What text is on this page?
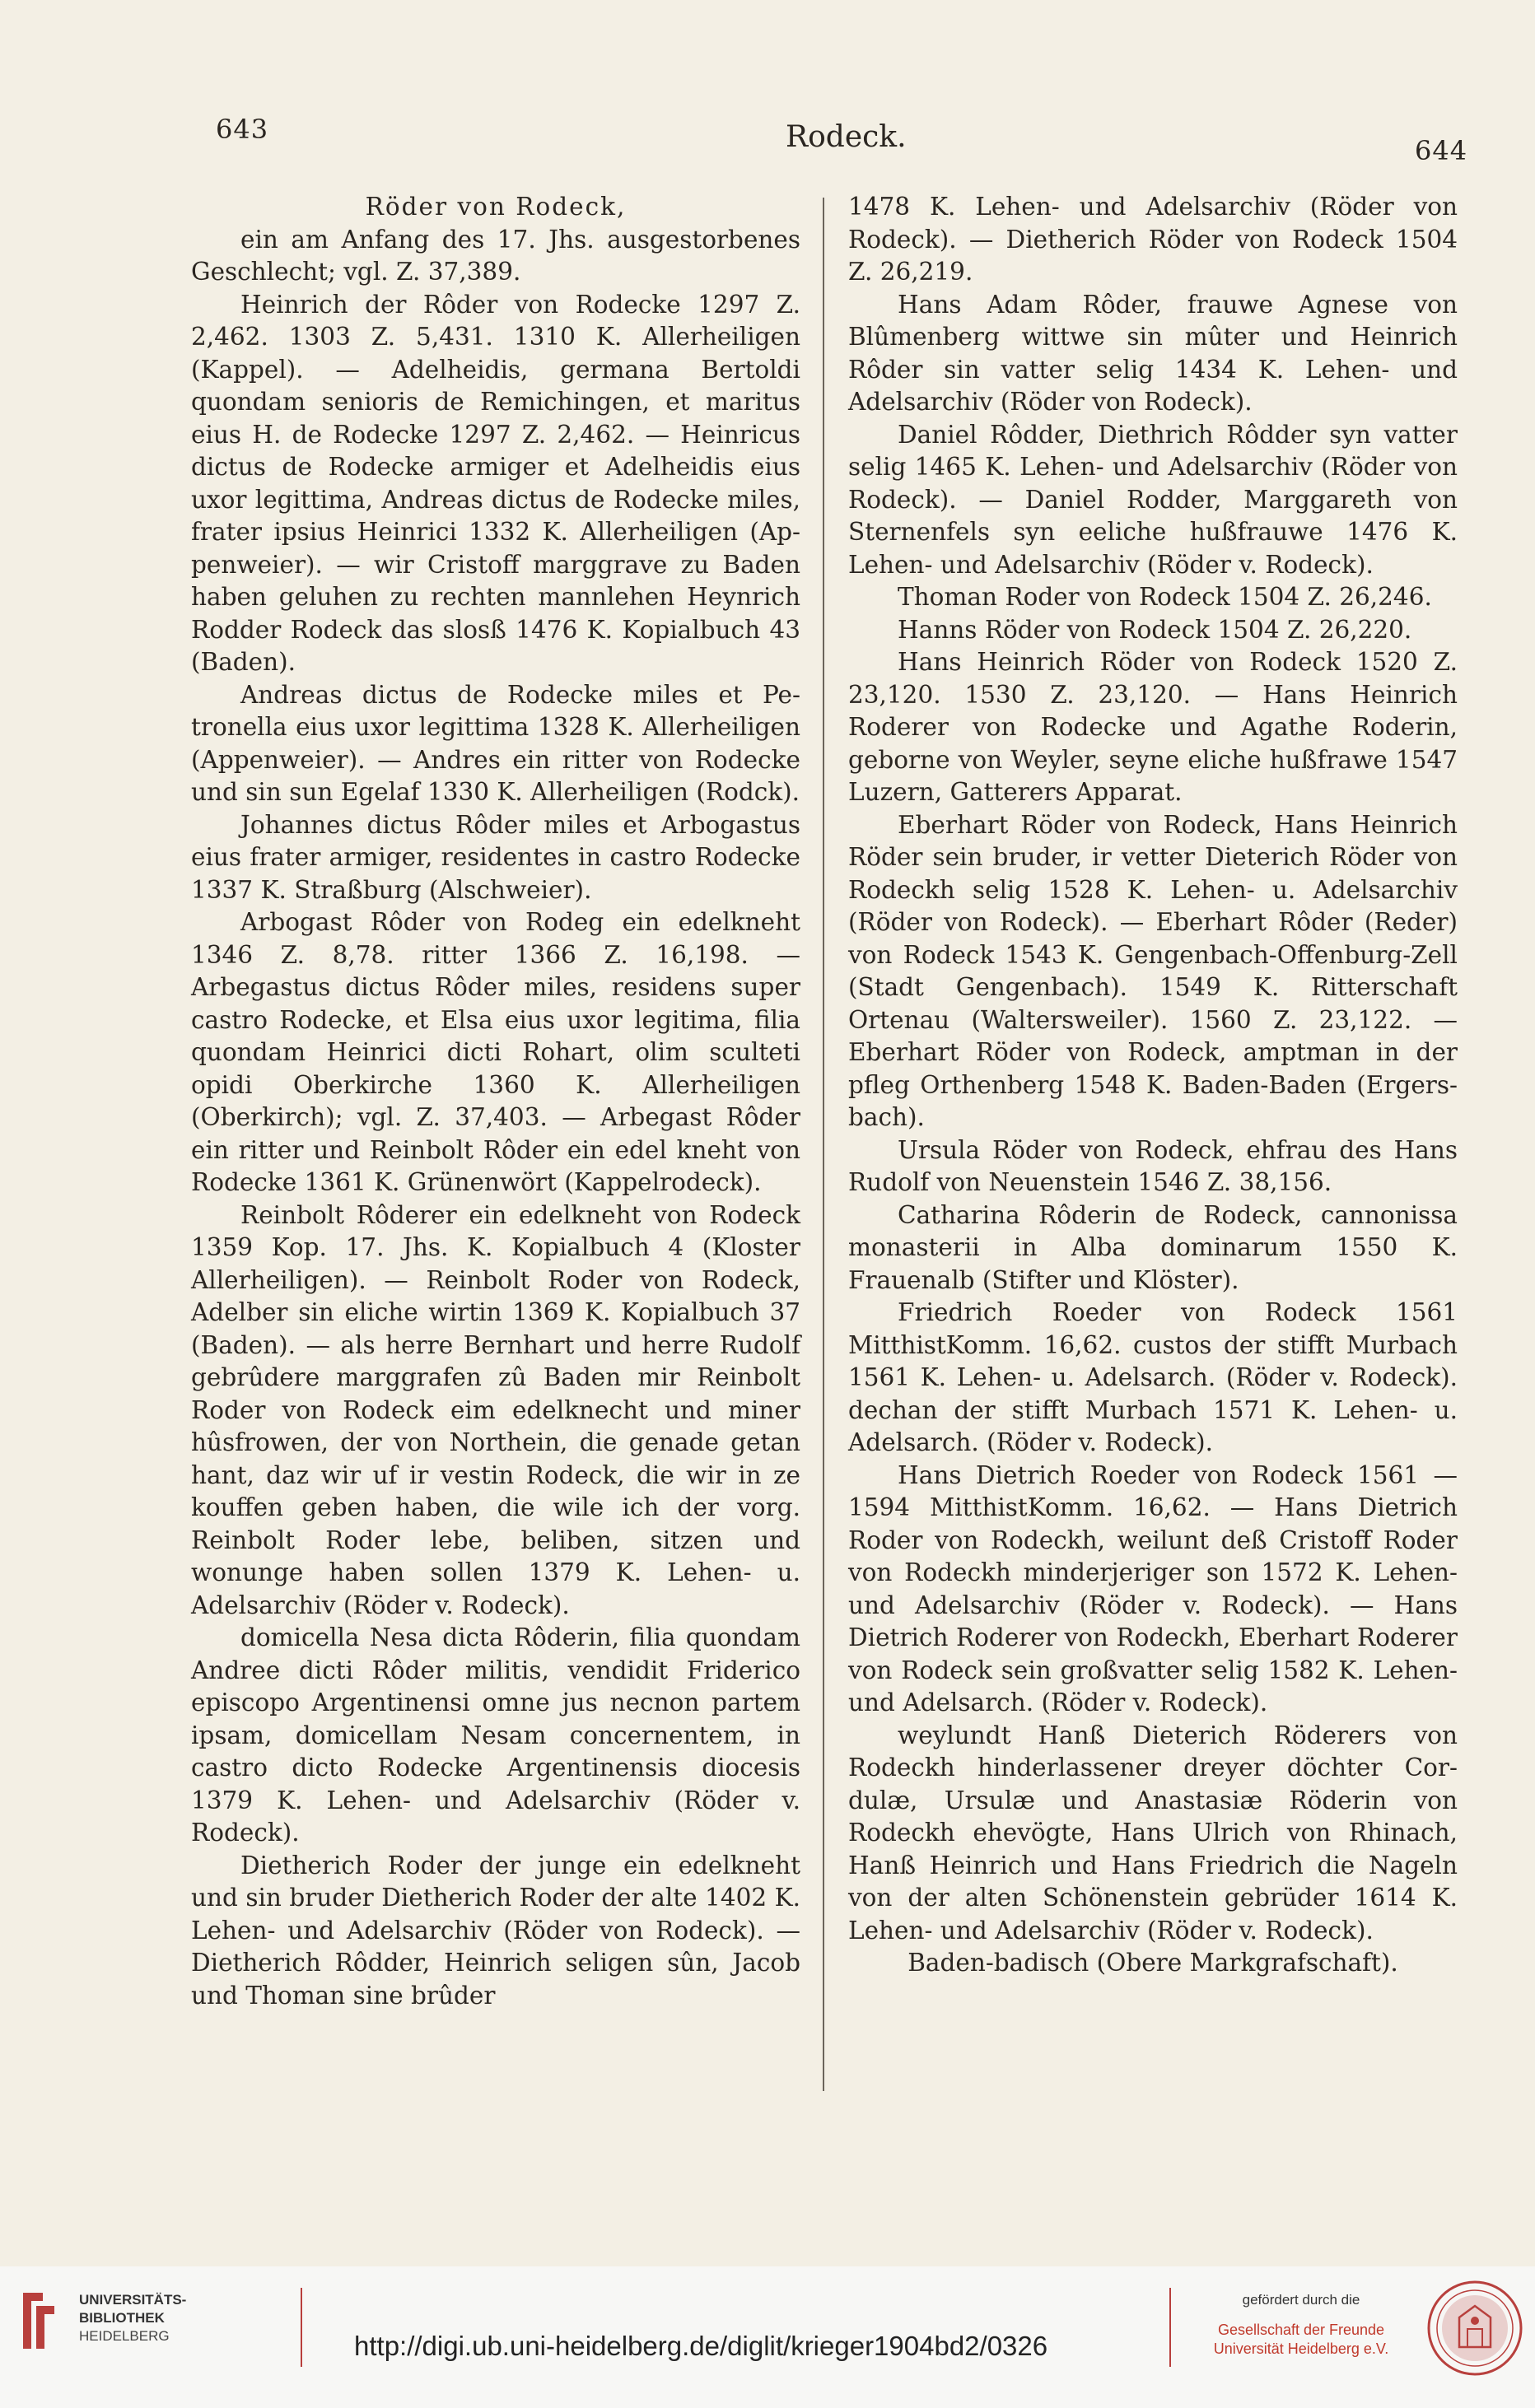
643	Rodeck.	644
Röder von Rodeck,

ein am Anfang des 17. Jhs. ausgestorbenes Geschlecht; vgl. Z. 37,389.

Heinrich der Rôder von Rodecke 1297 Z. 2,462. 1303 Z. 5,431. 1310 K. Allerheiligen (Kappel). — Adelheidis, germana Bertoldi quondam senioris de Remichingen, et maritus eius H. de Rodecke 1297 Z. 2,462. — Heinricus dictus de Rodecke armiger et Adelheidis eius uxor legittima, Andreas dictus de Rodecke miles, frater ipsius Heinrici 1332 K. Allerheiligen (Appenweier). — wir Cristoff marggrave zu Baden haben geluhen zu rechten mannlehen Heynrich Rodder Rodeck das slosß 1476 K. Kopialbuch 43 (Baden).

Andreas dictus de Rodecke miles et Petronella eius uxor legittima 1328 K. Allerheiligen (Appenweier). — Andres ein ritter von Rodecke und sin sun Egelaf 1330 K. Allerheiligen (Rodck).

Johannes dictus Rôder miles et Arbogastus eius frater armiger, residentes in castro Rodecke 1337 K. Straßburg (Alschweier).

Arbogast Rôder von Rodeg ein edelkneht 1346 Z. 8,78. ritter 1366 Z. 16,198. — Arbegastus dictus Rôder miles, residens super castro Rodecke, et Elsa eius uxor legitima, filia quondam Heinrici dicti Rohart, olim sculteti opidi Oberkirche 1360 K. Allerheiligen (Oberkirch); vgl. Z. 37,403. — Arbegast Rôder ein ritter und Reinbolt Rôder ein edel kneht von Rodecke 1361 K. Grünenwört (Kappelrodeck).

Reinbolt Rôderer ein edelkneht von Rodeck 1359 Kop. 17. Jhs. K. Kopialbuch 4 (Kloster Allerheiligen). — Reinbolt Roder von Rodeck, Adelber sin eliche wirtin 1369 K. Kopialbuch 37 (Baden). — als herre Bernhart und herre Rudolf gebrûdere marggrafen zû Baden mir Reinbolt Roder von Rodeck eim edelknecht und miner hûsfrowen, der von Northein, die genade getan hant, daz wir uf ir vestin Rodeck, die wir in ze kouffen geben haben, die wile ich der vorg. Reinbolt Roder lebe, beliben, sitzen und wonunge haben sollen 1379 K. Lehen- u. Adelsarchiv (Röder v. Rodeck).

domicella Nesa dicta Rôderin, filia quondam Andree dicti Rôder militis, vendidit Friderico episcopo Argentinensi omne jus necnon partem ipsam, domicellam Nesam concernentem, in castro dicto Rodecke Argentinensis diocesis 1379 K. Lehen- und Adelsarchiv (Röder v. Rodeck).

Dietherich Roder der junge ein edelkneht und sin bruder Dietherich Roder der alte 1402 K. Lehen- und Adelsarchiv (Röder von Rodeck). — Dietherich Rôdder, Heinrich seligen sûn, Jacob und Thoman sine brûder

1478 K. Lehen- und Adelsarchiv (Röder von Rodeck). — Dietherich Röder von Rodeck 1504 Z. 26,219.

Hans Adam Rôder, frauwe Agnese von Blûmenberg wittwe sin mûter und Heinrich Rôder sin vatter selig 1434 K. Lehen- und Adelsarchiv (Röder von Rodeck).

Daniel Rôdder, Diethrich Rôdder syn vatter selig 1465 K. Lehen- und Adelsarchiv (Röder von Rodeck). — Daniel Rodder, Marggareth von Sternenfels syn eeliche hußfrauwe 1476 K. Lehen- und Adelsarchiv (Röder v. Rodeck).

Thoman Roder von Rodeck 1504 Z. 26,246.

Hanns Röder von Rodeck 1504 Z. 26,220.

Hans Heinrich Röder von Rodeck 1520 Z. 23,120. 1530 Z. 23,120. — Hans Heinrich Roderer von Rodecke und Agathe Roderin, geborne von Weyler, seyne eliche hußfrawe 1547 Luzern, Gatterers Apparat.

Eberhart Röder von Rodeck, Hans Heinrich Röder sein bruder, ir vetter Dieterich Röder von Rodeckh selig 1528 K. Lehen- u. Adelsarchiv (Röder von Rodeck). — Eberhart Rôder (Reder) von Rodeck 1543 K. Gengenbach-Offenburg-Zell (Stadt Gengenbach). 1549 K. Ritterschaft Ortenau (Waltersweiler). 1560 Z. 23,122. — Eberhart Röder von Rodeck, amptman in der pfleg Orthenberg 1548 K. Baden-Baden (Ergersbach).

Ursula Röder von Rodeck, ehfrau des Hans Rudolf von Neuenstein 1546 Z. 38,156.

Catharina Rôderin de Rodeck, cannonissa monasterii in Alba dominarum 1550 K. Frauenalb (Stifter und Klöster).

Friedrich Roeder von Rodeck 1561 MitthistKomm. 16,62. custos der stifft Murbach 1561 K. Lehen- u. Adelsarch. (Röder v. Rodeck). dechan der stifft Murbach 1571 K. Lehen- u. Adelsarch. (Röder v. Rodeck).

Hans Dietrich Roeder von Rodeck 1561 —1594 MitthistKomm. 16,62. — Hans Dietrich Roder von Rodeckh, weilunt deß Cristoff Roder von Rodeckh minderjeriger son 1572 K. Lehen- und Adelsarchiv (Röder v. Rodeck). — Hans Dietrich Roderer von Rodeckh, Eberhart Roderer von Rodeck sein großvatter selig 1582 K. Lehen- und Adelsarch. (Röder v. Rodeck).

weylundt Hanß Dieterich Röderers von Rodeckh hinderlassener dreyer döchter Cordulæ, Ursulæ und Anastasiæ Röderin von Rodeckh ehevögte, Hans Ulrich von Rhinach, Hanß Heinrich und Hans Friedrich die Nageln von der alten Schönenstein gebrüder 1614 K. Lehen- und Adelsarchiv (Röder v. Rodeck).

Baden-badisch (Obere Markgrafschaft).

UNIVERSITÄTS-
BIBLIOTHEK
HEIDELBERG	http://digi.ub.uni-heidelberg.de/diglit/krieger1904bd2/0326
gefördert durch die
Gesellschaft der Freunde
Universität Heidelberg e.V.
